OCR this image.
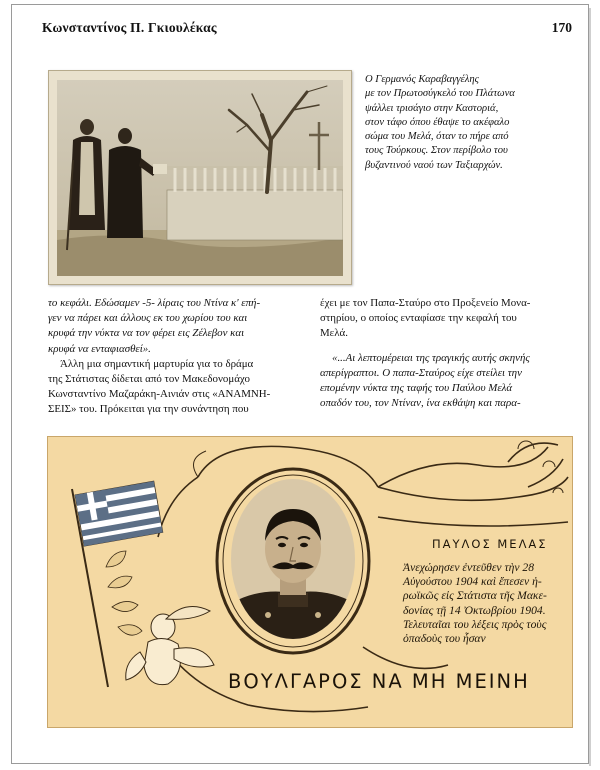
Κωνσταντίνος Π. Γκιουλέκας	170
Ο Γερμανός Καραβαγγέλης
με τον Πρωτοσύγκελό του Πλάτωνα
ψάλλει τρισάγιο στην Καστοριά,
στον τάφο όπου έθαψε το ακέφαλο
σώμα του Μελά, όταν το πήρε από
τους Τούρκους. Στον περίβολο του
βυζαντινού ναού των Ταξιαρχών.
το κεφάλι. Εδώσαμεν -5- λίραις του Ντίνα κ' επή-
γεν να πάρει και άλλους εκ του χωρίου του και
κρυφά την νύκτα να τον φέρει εις Ζέλεβον και
κρυφά να ενταφιασθεί».
Άλλη μια σημαντική μαρτυρία για το δράμα
της Στάτιστας δίδεται από τον Μακεδονομάχο
Κωνσταντίνο Μαζαράκη-Αινιάν στις «ΑΝΑΜΝΗ-
ΣΕΙΣ» του. Πρόκειται για την συνάντηση που
έχει με τον Παπα-Σταύρο στο Προξενείο Μονα-
στηρίου, ο οποίος ενταφίασε την κεφαλή του
Μελά.
«...Αι λεπτομέρειαι της τραγικής αυτής σκηνής
απερίγραπτοι. Ο παπα-Σταύρος είχε στείλει την
επομένην νύκτα της ταφής του Παύλου Μελά
οπαδόν του, τον Ντίναν, ίνα εκθάψη και παρα-
ΠΑΥΛΟΣ ΜΕΛΑΣ
Ἀνεχώρησεν ἐντεῦθεν τὴν 28
Αὐγούστου 1904 καὶ ἔπεσεν ἡ-
ρωϊκῶς εἰς Στάτιστα τῆς Μακε-
δονίας τῇ 14 Ὀκτωβρίου 1904.
Τελευταῖαι του λέξεις πρὸς τοὺς
ὀπαδοὺς του ἦσαν
ΒΟΥΛΓΑΡΟΣ ΝΑ ΜΗ ΜΕΙΝΗ
